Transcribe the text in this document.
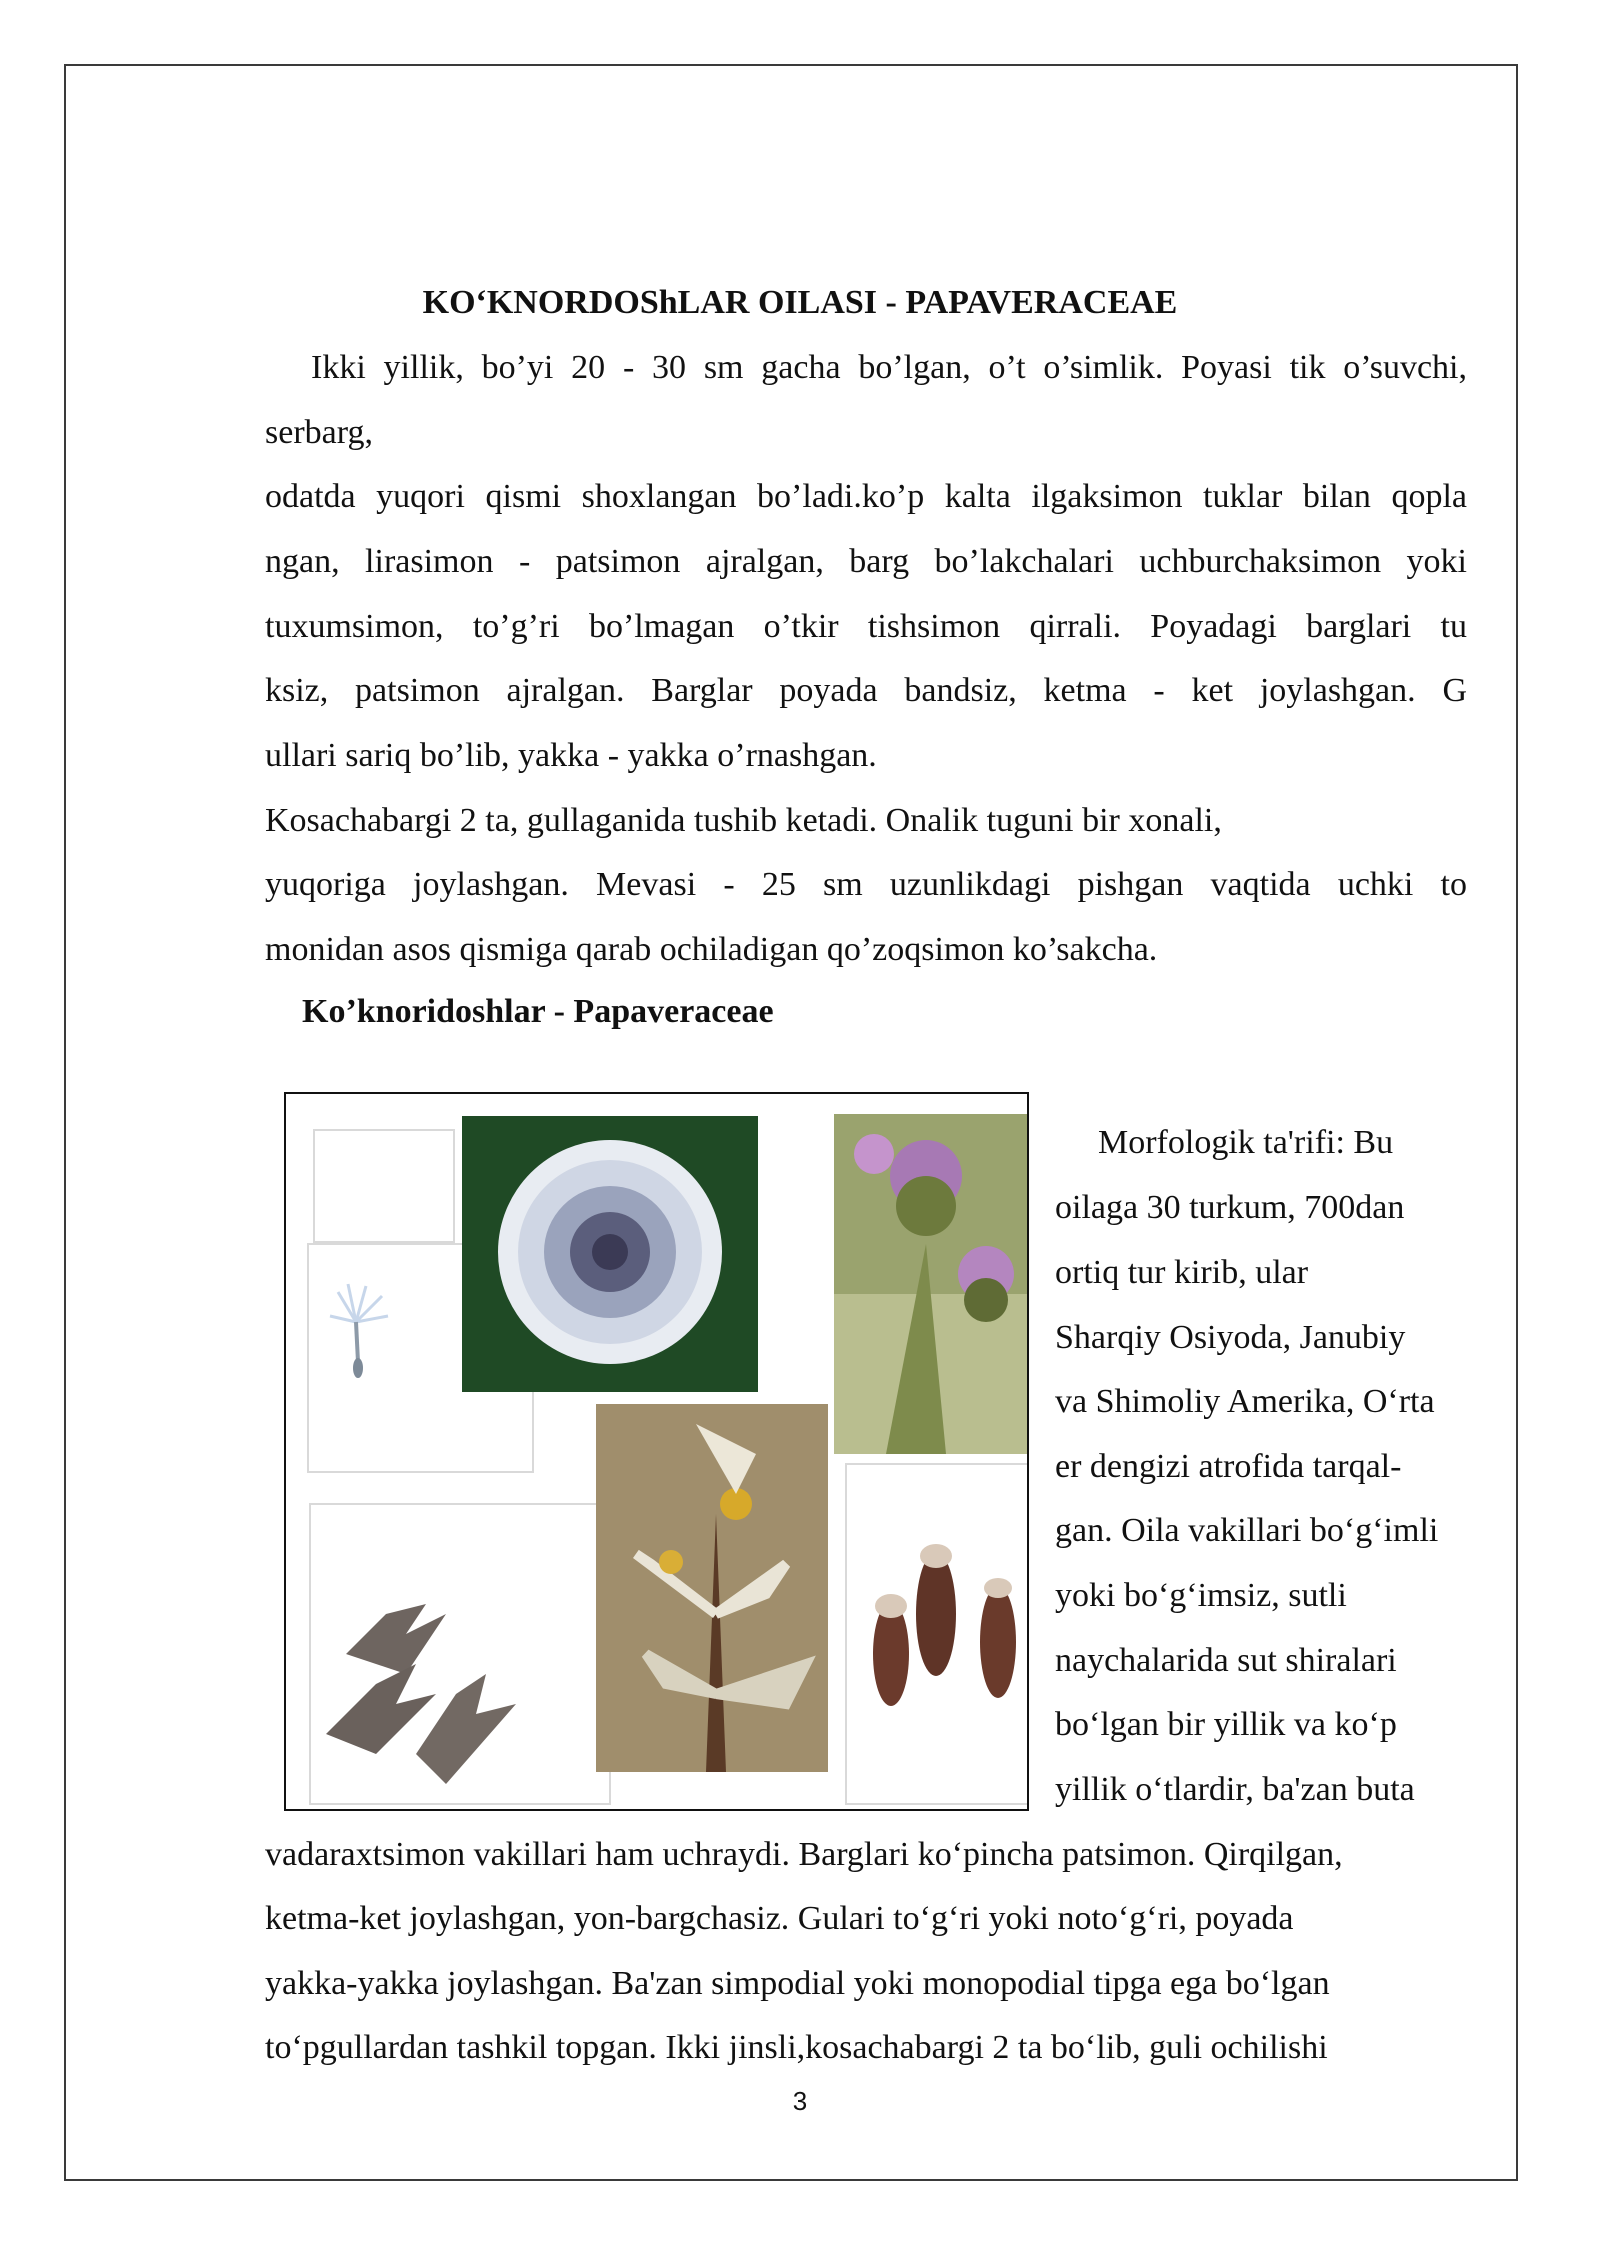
KO‘KNORDOShLAR OILASI - PAPAVERACEAE
Ikki yillik, bo’yi 20 - 30 sm gacha bo’lgan, o’t o’simlik. Poyasi tik o’suvchi,
serbarg,
odatda yuqori qismi shoxlangan bo’ladi.ko’p kalta ilgaksimon tuklar bilan qopla
ngan, lirasimon - patsimon ajralgan, barg bo’lakchalari uchburchaksimon yoki
tuxumsimon, to’g’ri bo’lmagan o’tkir tishsimon qirrali. Poyadagi barglari tu
ksiz, patsimon ajralgan. Barglar poyada bandsiz, ketma - ket joylashgan. G
ullari sariq bo’lib, yakka - yakka o’rnashgan.
Kosachabargi 2 ta, gullaganida tushib ketadi. Onalik tuguni bir xonali,
yuqoriga joylashgan. Mevasi - 25 sm uzunlikdagi pishgan vaqtida uchki to
monidan asos qismiga qarab ochiladigan qo’zoqsimon ko’sakcha.
Ko’knoridoshlar - Papaveraceae
Morfologik ta'rifi: Bu
oilaga 30 turkum, 700dan
ortiq tur kirib, ular
Sharqiy Osiyoda, Janubiy
va Shimoliy Amerika, O‘rta
er dengizi atrofida tarqal-
gan. Oila vakillari bo‘g‘imli
yoki bo‘g‘imsiz, sutli
naychalarida sut shiralari
bo‘lgan bir yillik va ko‘p
yillik o‘tlardir, ba'zan buta
vadaraxtsimon vakillari ham uchraydi. Barglari ko‘pincha patsimon. Qirqilgan,
ketma-ket joylashgan, yon-bargchasiz. Gulari to‘g‘ri yoki noto‘g‘ri, poyada
yakka-yakka joylashgan. Ba'zan simpodial yoki monopodial tipga ega bo‘lgan
to‘pgullardan tashkil topgan. Ikki jinsli,kosachabargi 2 ta bo‘lib, guli ochilishi
3
